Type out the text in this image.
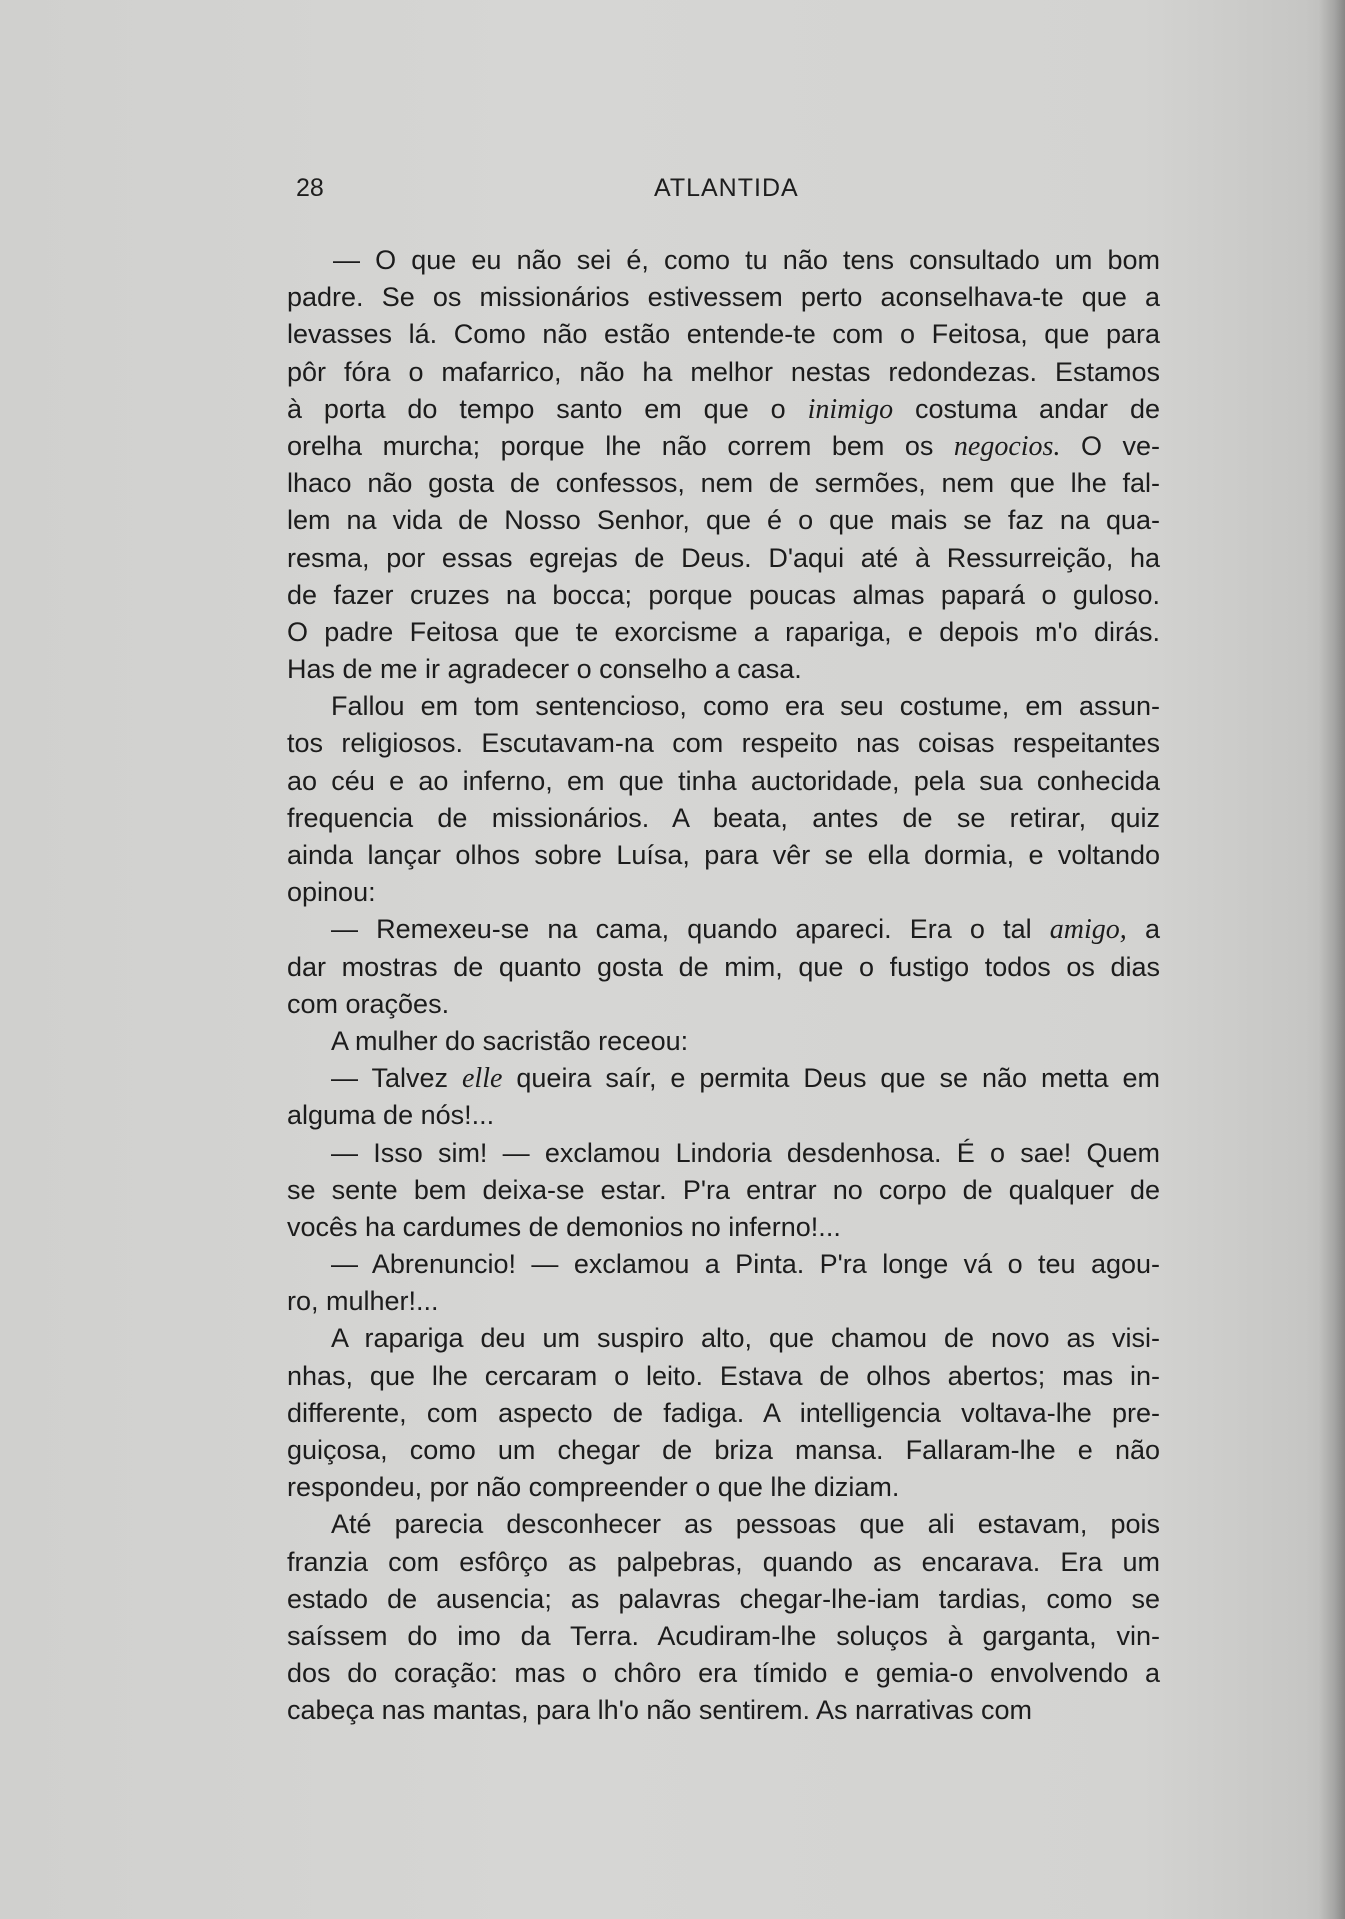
28	ATLANTIDA
— O que eu não sei é, como tu não tens consultado um bom
padre. Se os missionários estivessem perto aconselhava-te que a
levasses lá. Como não estão entende-te com o Feitosa, que para
pôr fóra o mafarrico, não ha melhor nestas redondezas. Estamos
à porta do tempo santo em que o inimigo costuma andar de
orelha murcha; porque lhe não correm bem os negocios. O ve-
lhaco não gosta de confessos, nem de sermões, nem que lhe fal-
lem na vida de Nosso Senhor, que é o que mais se faz na qua-
resma, por essas egrejas de Deus. D'aqui até à Ressurreição, ha
de fazer cruzes na bocca; porque poucas almas papará o guloso.
O padre Feitosa que te exorcisme a rapariga, e depois m'o dirás.
Has de me ir agradecer o conselho a casa.
Fallou em tom sentencioso, como era seu costume, em assun-
tos religiosos. Escutavam-na com respeito nas coisas respeitantes
ao céu e ao inferno, em que tinha auctoridade, pela sua conhecida
frequencia de missionários. A beata, antes de se retirar, quiz
ainda lançar olhos sobre Luísa, para vêr se ella dormia, e voltando
opinou:
— Remexeu-se na cama, quando apareci. Era o tal amigo, a
dar mostras de quanto gosta de mim, que o fustigo todos os dias
com orações.
A mulher do sacristão receou:
— Talvez elle queira saír, e permita Deus que se não metta em
alguma de nós!...
— Isso sim! — exclamou Lindoria desdenhosa. É o sae! Quem
se sente bem deixa-se estar. P'ra entrar no corpo de qualquer de
vocês ha cardumes de demonios no inferno!...
— Abrenuncio! — exclamou a Pinta. P'ra longe vá o teu agou-
ro, mulher!...
A rapariga deu um suspiro alto, que chamou de novo as visi-
nhas, que lhe cercaram o leito. Estava de olhos abertos; mas in-
differente, com aspecto de fadiga. A intelligencia voltava-lhe pre-
guiçosa, como um chegar de briza mansa. Fallaram-lhe e não
respondeu, por não compreender o que lhe diziam.
Até parecia desconhecer as pessoas que ali estavam, pois
franzia com esfôrço as palpebras, quando as encarava. Era um
estado de ausencia; as palavras chegar-lhe-iam tardias, como se
saíssem do imo da Terra. Acudiram-lhe soluços à garganta, vin-
dos do coração: mas o chôro era tímido e gemia-o envolvendo a
cabeça nas mantas, para lh'o não sentirem. As narrativas com
